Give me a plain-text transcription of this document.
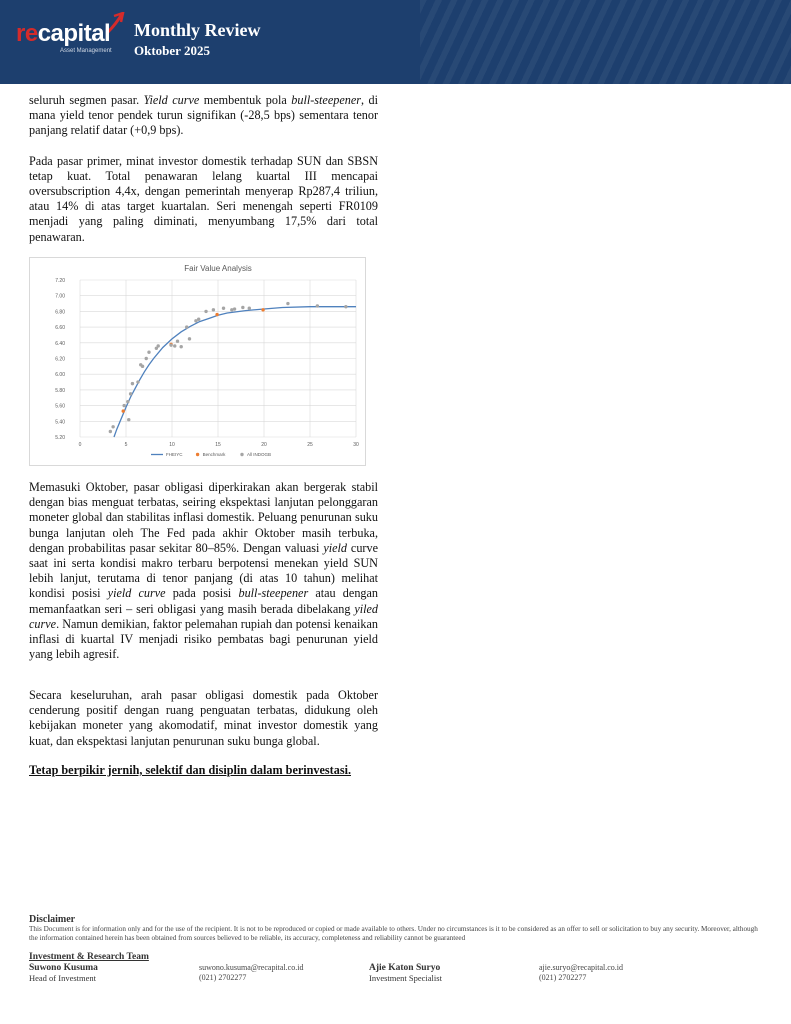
recapital
Asset Management
Monthly Review
Oktober 2025

seluruh segmen pasar. Yield curve membentuk pola bull-steepener, di mana yield tenor pendek turun signifikan (-28,5 bps) sementara tenor panjang relatif datar (+0,9 bps).

Pada pasar primer, minat investor domestik terhadap SUN dan SBSN tetap kuat. Total penawaran lelang kuartal III mencapai oversubscription 4,4x, dengan pemerintah menyerap Rp287,4 triliun, atau 14% di atas target kuartalan. Seri menengah seperti FR0109 menjadi yang paling diminati, menyumbang 17,5% dari total penawaran.

Fair Value Analysis
5.20
5.40
5.60
5.80
6.00
6.20
6.40
6.60
6.80
7.00
7.20
0	5	10	15	20	25	30
FHEIYC	Benchmark	All INDOGB

Memasuki Oktober, pasar obligasi diperkirakan akan bergerak stabil dengan bias menguat terbatas, seiring ekspektasi lanjutan pelonggaran moneter global dan stabilitas inflasi domestik. Peluang penurunan suku bunga lanjutan oleh The Fed pada akhir Oktober masih terbuka, dengan probabilitas pasar sekitar 80–85%. Dengan valuasi yield curve saat ini serta kondisi makro terbaru berpotensi menekan yield SUN lebih lanjut, terutama di tenor panjang (di atas 10 tahun) melihat kondisi posisi yield curve pada posisi bull-steepener atau dengan memanfaatkan seri – seri obligasi yang masih berada dibelakang yiled curve. Namun demikian, faktor pelemahan rupiah dan potensi kenaikan inflasi di kuartal IV menjadi risiko pembatas bagi penurunan yield yang lebih agresif.

Secara keseluruhan, arah pasar obligasi domestik pada Oktober cenderung positif dengan ruang penguatan terbatas, didukung oleh kebijakan moneter yang akomodatif, minat investor domestik yang kuat, dan ekspektasi lanjutan penurunan suku bunga global.

Tetap berpikir jernih, selektif dan disiplin dalam berinvestasi.
Disclaimer
This Document is for information only and for the use of the recipient. It is not to be reproduced or copied or made available to others. Under no circumstances is it to be considered as an offer to sell or solicitation to buy any security. Moreover, although the information contained herein has been obtained from sources believed to be reliable, its accuracy, completeness and reliability cannot be guaranteed
Investment & Research Team
Suwono Kusuma
Head of Investment
suwono.kusuma@recapital.co.id
(021) 2702277
Ajie Katon Suryo
Investment Specialist
ajie.suryo@recapital.co.id
(021) 2702277
